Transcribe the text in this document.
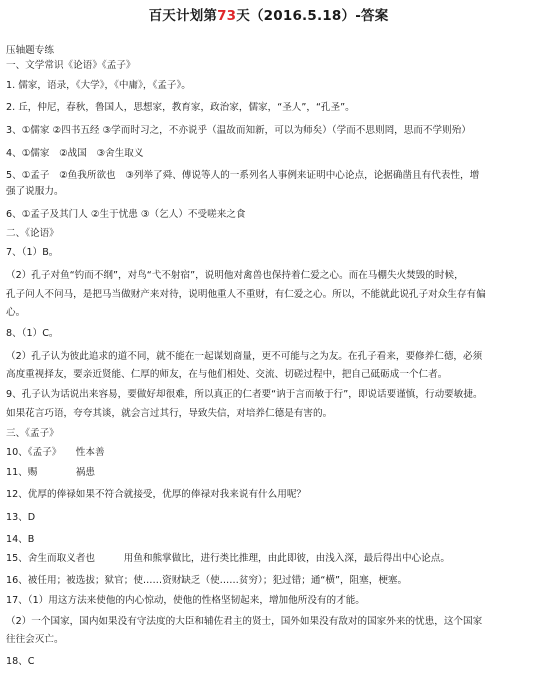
百天计划第73天（2016.5.18）-答案
压轴题专练
一、文学常识《论语》《孟子》
1. 儒家，语录，《大学》，《中庸》，《孟子》。
2. 丘，仲尼，春秋，鲁国人，思想家，教育家，政治家，儒家，“圣人”，“孔圣”。
3、①儒家 ②四书五经 ③学而时习之，不亦说乎（温故而知新，可以为师矣）（学而不思则罔，思而不学则殆）
4、①儒家　②战国　③舍生取义
5、①孟子　②鱼我所欲也　③列举了舜、傅说等人的一系列名人事例来证明中心论点，论据确凿且有代表性，增
强了说服力。
6、①孟子及其门人 ②生于忧患 ③（乞人）不受嗟来之食
二、《论语》
7、（1）B。
（2）孔子对鱼“钓而不纲”，对鸟“弋不射宿”，说明他对禽兽也保持着仁爱之心。而在马棚失火焚毁的时候，
孔子问人不问马，是把马当做财产来对待，说明他重人不重财，有仁爱之心。所以，不能就此说孔子对众生存有偏
心。
8、（1）C。
（2）孔子认为彼此追求的道不同，就不能在一起谋划商量，更不可能与之为友。在孔子看来，要修养仁德，必须
高度重视择友，要亲近贤能、仁厚的师友，在与他们相处、交流、切磋过程中，把自己砥砺成一个仁者。
9、孔子认为话说出来容易，要做好却很难，所以真正的仁者要“讷于言而敏于行”，即说话要谨慎，行动要敏捷。
如果花言巧语，夸夸其谈，就会言过其行，导致失信，对培养仁德是有害的。
三、《孟子》
10、《孟子》　　性本善
11、赐　　　　祸患
12、优厚的俸禄如果不符合就接受，优厚的俸禄对我来说有什么用呢？
13、D
14、B
15、舍生而取义者也　　　用鱼和熊掌做比，进行类比推理，由此即彼，由浅入深，最后得出中心论点。
16、被任用；被选拔；狱官；使……资财缺乏（使……贫穷）；犯过错；通“横”，阻塞，梗塞。
17、（1）用这方法来使他的内心惊动，使他的性格坚韧起来，增加他所没有的才能。
（2）一个国家，国内如果没有守法度的大臣和辅佐君主的贤士，国外如果没有敌对的国家外来的忧患，这个国家
往往会灭亡。
18、C
